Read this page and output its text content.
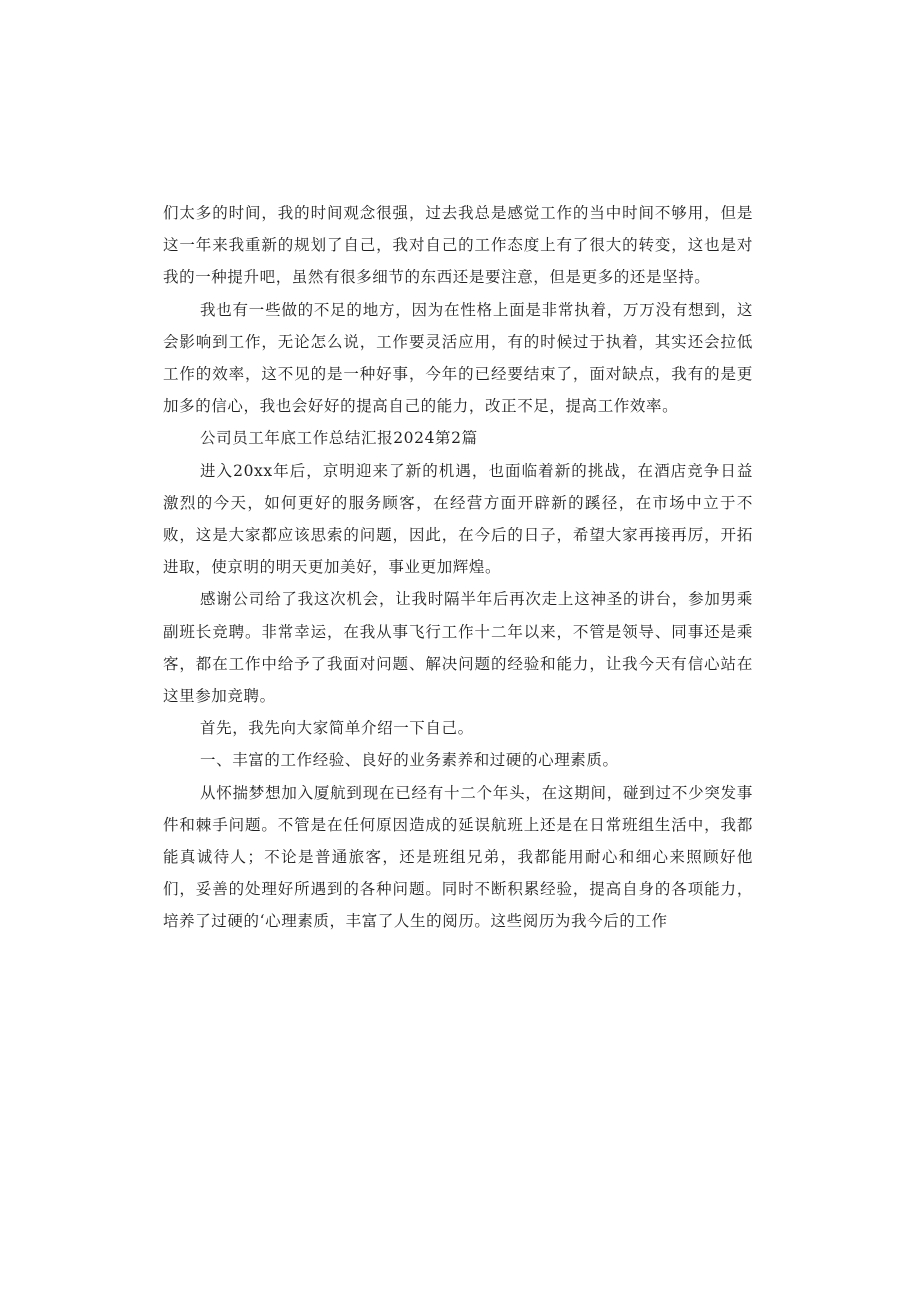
们太多的时间，我的时间观念很强，过去我总是感觉工作的当中时间不够用，但是这一年来我重新的规划了自己，我对自己的工作态度上有了很大的转变，这也是对我的一种提升吧，虽然有很多细节的东西还是要注意，但是更多的还是坚持。

我也有一些做的不足的地方，因为在性格上面是非常执着，万万没有想到，这会影响到工作，无论怎么说，工作要灵活应用，有的时候过于执着，其实还会拉低工作的效率，这不见的是一种好事，今年的已经要结束了，面对缺点，我有的是更加多的信心，我也会好好的提高自己的能力，改正不足，提高工作效率。

公司员工年底工作总结汇报2024第2篇

进入20xx年后，京明迎来了新的机遇，也面临着新的挑战，在酒店竞争日益激烈的今天，如何更好的服务顾客，在经营方面开辟新的蹊径，在市场中立于不败，这是大家都应该思索的问题，因此，在今后的日子，希望大家再接再厉，开拓进取，使京明的明天更加美好，事业更加辉煌。

感谢公司给了我这次机会，让我时隔半年后再次走上这神圣的讲台，参加男乘副班长竞聘。非常幸运，在我从事飞行工作十二年以来，不管是领导、同事还是乘客，都在工作中给予了我面对问题、解决问题的经验和能力，让我今天有信心站在这里参加竞聘。

首先，我先向大家简单介绍一下自己。

一、丰富的工作经验、良好的业务素养和过硬的心理素质。

从怀揣梦想加入厦航到现在已经有十二个年头，在这期间，碰到过不少突发事件和棘手问题。不管是在任何原因造成的延误航班上还是在日常班组生活中，我都能真诚待人；不论是普通旅客，还是班组兄弟，我都能用耐心和细心来照顾好他们，妥善的处理好所遇到的各种问题。同时不断积累经验，提高自身的各项能力，培养了过硬的‘心理素质，丰富了人生的阅历。这些阅历为我今后的工作
